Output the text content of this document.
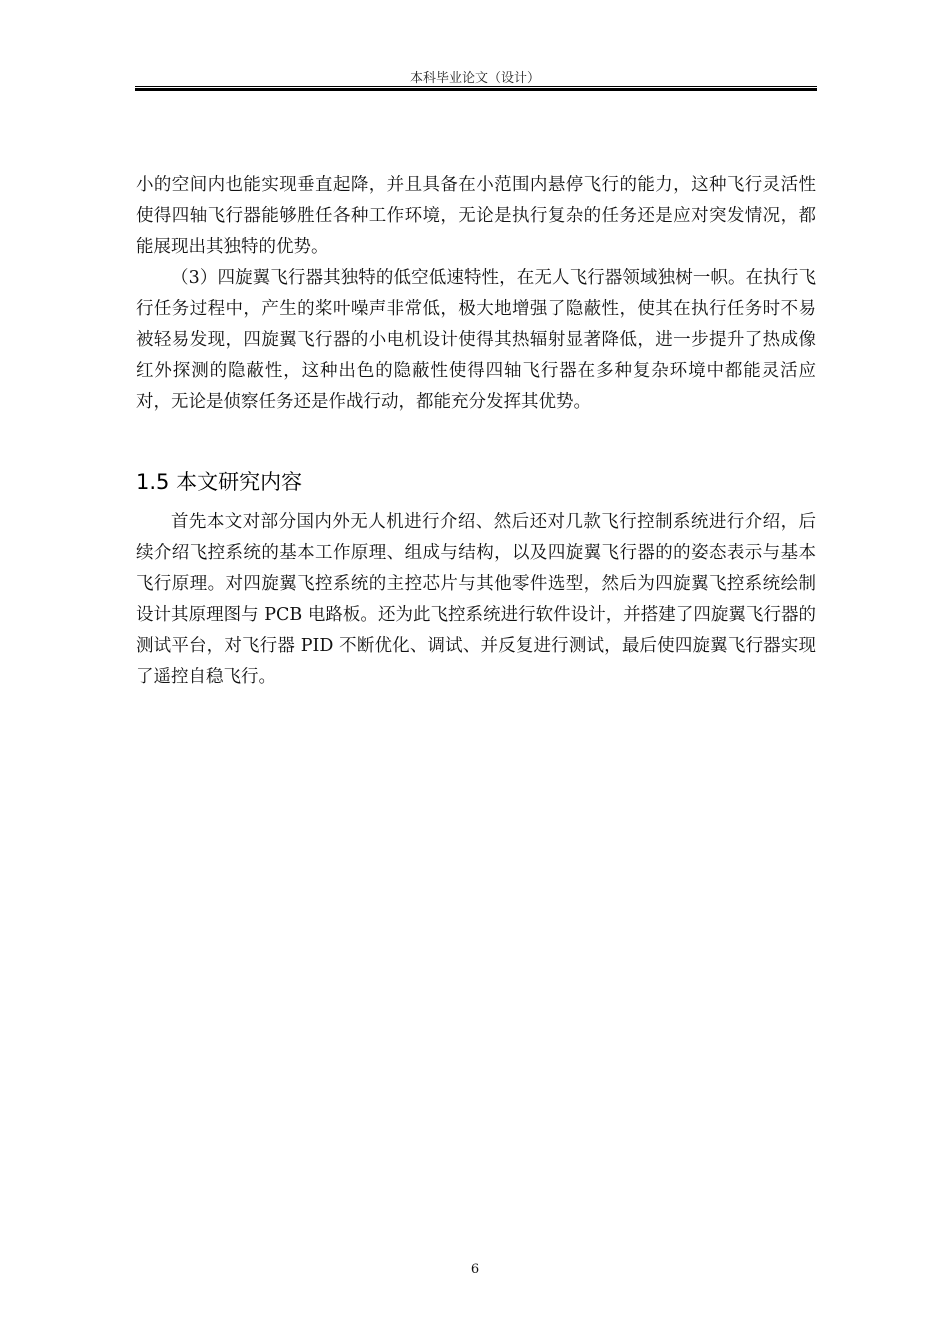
本科毕业论文（设计）

小的空间内也能实现垂直起降，并且具备在小范围内悬停飞行的能力，这种飞行灵活性使得四轴飞行器能够胜任各种工作环境，无论是执行复杂的任务还是应对突发情况，都能展现出其独特的优势。

（3）四旋翼飞行器其独特的低空低速特性，在无人飞行器领域独树一帜。在执行飞行任务过程中，产生的桨叶噪声非常低，极大地增强了隐蔽性，使其在执行任务时不易被轻易发现，四旋翼飞行器的小电机设计使得其热辐射显著降低，进一步提升了热成像红外探测的隐蔽性，这种出色的隐蔽性使得四轴飞行器在多种复杂环境中都能灵活应对，无论是侦察任务还是作战行动，都能充分发挥其优势。

1.5 本文研究内容

首先本文对部分国内外无人机进行介绍、然后还对几款飞行控制系统进行介绍，后续介绍飞控系统的基本工作原理、组成与结构，以及四旋翼飞行器的的姿态表示与基本飞行原理。对四旋翼飞控系统的主控芯片与其他零件选型，然后为四旋翼飞控系统绘制设计其原理图与 PCB 电路板。还为此飞控系统进行软件设计，并搭建了四旋翼飞行器的测试平台，对飞行器 PID 不断优化、调试、并反复进行测试，最后使四旋翼飞行器实现了遥控自稳飞行。

6
